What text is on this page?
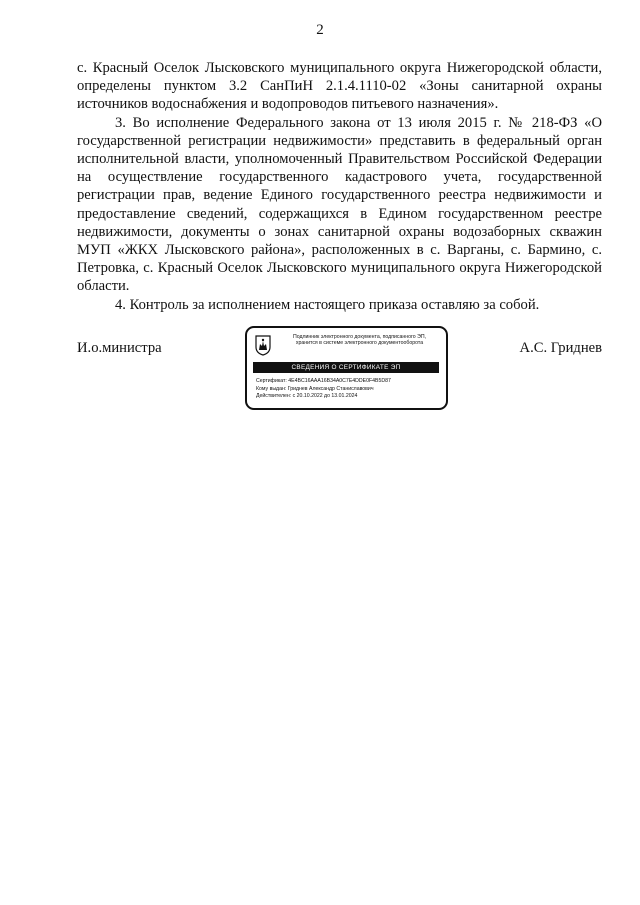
2

с. Красный Оселок Лысковского муниципального округа Нижегородской области, определены пунктом 3.2 СанПиН 2.1.4.1110-02 «Зоны санитарной охраны источников водоснабжения и водопроводов питьевого назначения».

3. Во исполнение Федерального закона от 13 июля 2015 г. № 218-ФЗ «О государственной регистрации недвижимости» представить в федеральный орган исполнительной власти, уполномоченный Правительством Российской Федерации на осуществление государственного кадастрового учета, государственной регистрации прав, ведение Единого государственного реестра недвижимости и предоставление сведений, содержащихся в Едином государственном реестре недвижимости, документы о зонах санитарной охраны водозаборных скважин МУП «ЖКХ Лысковского района», расположенных в с. Варганы, с. Бармино, с. Петровка, с. Красный Оселок Лысковского муниципального округа Нижегородской области.

4. Контроль за исполнением настоящего приказа оставляю за собой.

И.о.министра	А.С. Гриднев
Подлинник электронного документа, подписанного ЭП,
хранится в системе электронного документооборота
СВЕДЕНИЯ О СЕРТИФИКАТЕ ЭП
Сертификат: 4E4BC16AAA16B34A0C7E4DDE0F4B5D87
Кому выдан: Гриднев Александр Станиславович
Действителен: с 20.10.2022 до 13.01.2024
